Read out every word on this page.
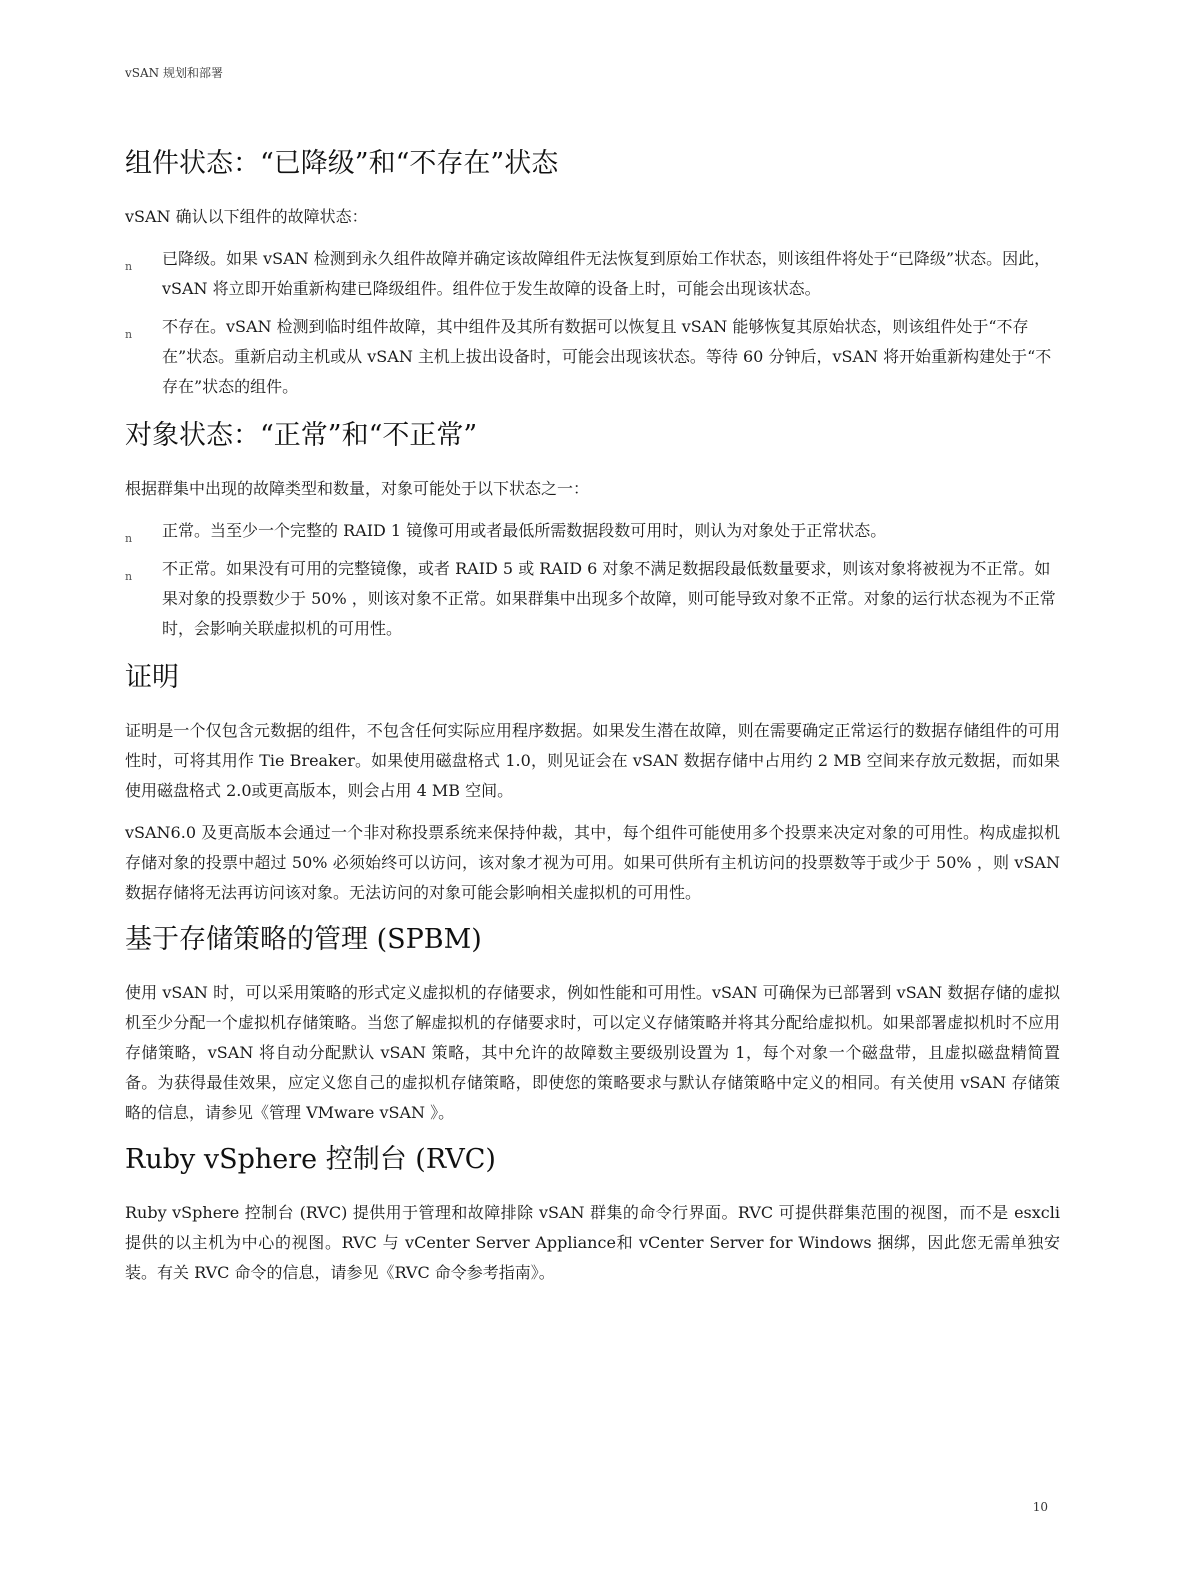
vSAN 规划和部署
组件状态：“已降级”和“不存在”状态

vSAN 确认以下组件的故障状态：

n 已降级。如果 vSAN 检测到永久组件故障并确定该故障组件无法恢复到原始工作状态，则该组件将处于“已降级”状态。因此，vSAN 将立即开始重新构建已降级组件。组件位于发生故障的设备上时，可能会出现该状态。
n 不存在。vSAN 检测到临时组件故障，其中组件及其所有数据可以恢复且 vSAN 能够恢复其原始状态，则该组件处于“不存在”状态。重新启动主机或从 vSAN 主机上拔出设备时，可能会出现该状态。等待 60 分钟后，vSAN 将开始重新构建处于“不存在”状态的组件。
对象状态：“正常”和“不正常”

根据群集中出现的故障类型和数量，对象可能处于以下状态之一：

n 正常。当至少一个完整的 RAID 1 镜像可用或者最低所需数据段数可用时，则认为对象处于正常状态。
n 不正常。如果没有可用的完整镜像，或者 RAID 5 或 RAID 6 对象不满足数据段最低数量要求，则该对象将被视为不正常。如果对象的投票数少于 50% ，则该对象不正常。如果群集中出现多个故障，则可能导致对象不正常。对象的运行状态视为不正常时，会影响关联虚拟机的可用性。
证明

证明是一个仅包含元数据的组件，不包含任何实际应用程序数据。如果发生潜在故障，则在需要确定正常运行的数据存储组件的可用性时，可将其用作 Tie Breaker。如果使用磁盘格式 1.0，则见证会在 vSAN 数据存储中占用约 2 MB 空间来存放元数据，而如果使用磁盘格式 2.0或更高版本，则会占用 4 MB 空间。

vSAN6.0 及更高版本会通过一个非对称投票系统来保持仲裁，其中，每个组件可能使用多个投票来决定对象的可用性。构成虚拟机存储对象的投票中超过 50% 必须始终可以访问，该对象才视为可用。如果可供所有主机访问的投票数等于或少于 50% ，则 vSAN 数据存储将无法再访问该对象。无法访问的对象可能会影响相关虚拟机的可用性。

基于存储策略的管理 (SPBM)

使用 vSAN 时，可以采用策略的形式定义虚拟机的存储要求，例如性能和可用性。vSAN 可确保为已部署到 vSAN 数据存储的虚拟机至少分配一个虚拟机存储策略。当您了解虚拟机的存储要求时，可以定义存储策略并将其分配给虚拟机。如果部署虚拟机时不应用存储策略，vSAN 将自动分配默认 vSAN 策略，其中允许的故障数主要级别设置为 1，每个对象一个磁盘带，且虚拟磁盘精简置备。为获得最佳效果，应定义您自己的虚拟机存储策略，即使您的策略要求与默认存储策略中定义的相同。有关使用 vSAN 存储策略的信息，请参见《管理 VMware vSAN 》。

Ruby vSphere 控制台 (RVC)

Ruby vSphere 控制台 (RVC) 提供用于管理和故障排除 vSAN 群集的命令行界面。RVC 可提供群集范围的视图，而不是 esxcli 提供的以主机为中心的视图。RVC 与 vCenter Server Appliance和 vCenter Server for Windows 捆绑，因此您无需单独安装。有关 RVC 命令的信息，请参见《RVC 命令参考指南》。

10
